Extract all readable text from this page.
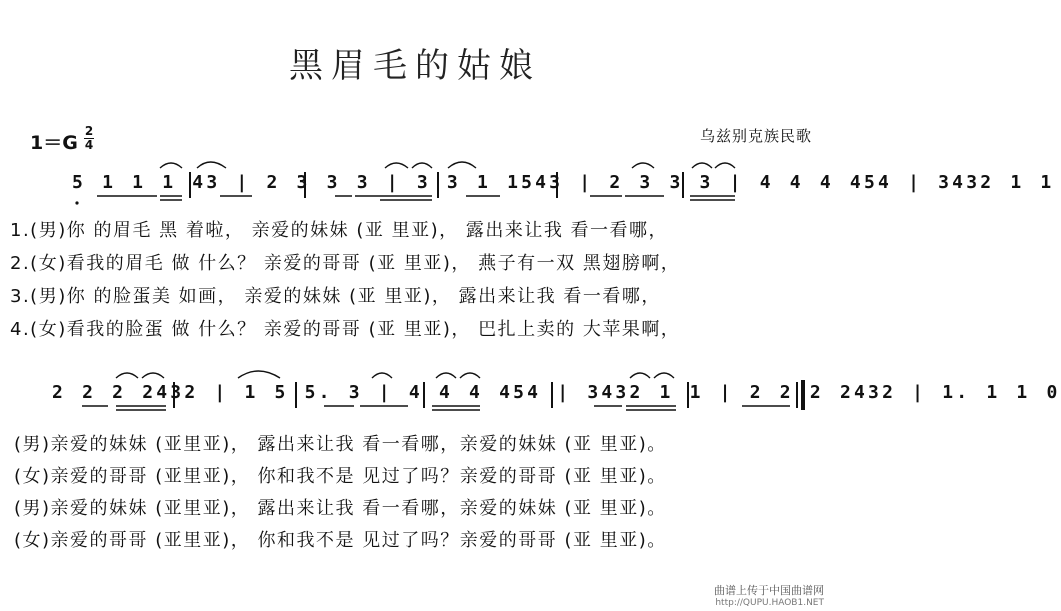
黑眉毛的姑娘
1＝G
2
4	乌兹别克族民歌
5 1 1 1 43 | 2 3 3 3 | 3 3 1 1543 | 2 3 3 3 | 4 4 4 454 | 3432 1 1
1.(男)你 的眉毛 黑 着啦， 亲爱的妹妹 (亚 里亚)， 露出来让我 看一看哪，
2.(女)看我的眉毛 做 什么？ 亲爱的哥哥 (亚 里亚)， 燕子有一双 黑翅膀啊，
3.(男)你 的脸蛋美 如画， 亲爱的妹妹 (亚 里亚)， 露出来让我 看一看哪，
4.(女)看我的脸蛋 做 什么？ 亲爱的哥哥 (亚 里亚)， 巴扎上卖的 大苹果啊，
2 2 2 2432 | 1 5 5. 3 | 4 4 4 454 | 3432 1 1 | 2 2 2 2432 | 1. 1 1 0
(男)亲爱的妹妹 (亚里亚)， 露出来让我 看一看哪，亲爱的妹妹 (亚 里亚)。
(女)亲爱的哥哥 (亚里亚)， 你和我不是 见过了吗？亲爱的哥哥 (亚 里亚)。
(男)亲爱的妹妹 (亚里亚)， 露出来让我 看一看哪，亲爱的妹妹 (亚 里亚)。
(女)亲爱的哥哥 (亚里亚)， 你和我不是 见过了吗？亲爱的哥哥 (亚 里亚)。
曲谱上传于中国曲谱网
http://QUPU.HAOB1.NET
